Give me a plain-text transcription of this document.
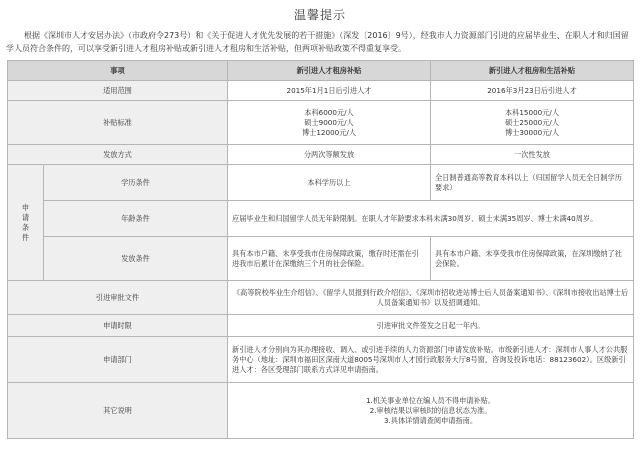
温馨提示
根据《深圳市人才安居办法》（市政府令273号）和《关于促进人才优先发展的若干措施》（深发〔2016〕9号），经我市人力资源部门引进的应届毕业生、在职人才和归国留学人员符合条件的，可以享受新引进人才租房补贴或新引进人才租房和生活补贴，但两项补贴政策不得重复享受。
事项		新引进人才租房补贴	新引进人才租房和生活补贴
适用范围		2015年1月1日后引进人才	2016年3月23日后引进人才
补贴标准		本科6000元/人
硕士9000元/人
博士12000元/人	本科15000元/人
硕士25000元/人
博士30000元/人

发放方式		分两次等额发放	一次性发放
申请条件	学历条件	本科学历以上	全日制普通高等教育本科以上（归国留学人员无全日制学历要求）
	年龄条件	应届毕业生和归国留学人员无年龄限制。在职人才年龄要求本科未满30周岁、硕士未满35周岁、博士未满40周岁。	
	发放条件	具有本市户籍、未享受我市住房保障政策，缴存时还需在引进我市后累计在深缴纳三个月的社会保险。	具有本市户籍、未享受我市住房保障政策，在深圳缴纳了社会保险。
引进审批文件		《高等院校毕业生介绍信》、《留学人员报到行政介绍信》、《深圳市招收进站博士后人员备案通知书》、《深圳市接收出站博士后人员备案通知书》以及招调通知。	
申请时限		引进审批文件签发之日起一年内。	
申请部门		新引进人才分别向为其办理接收、调入、或引进手续的人力资源部门申请发放补贴。市级新引进人才：深圳市人事人才公共服务中心（地址：深圳市福田区深南大道8005号深圳市人才园行政服务大厅8号窗，咨询及投诉电话：88123602）。区级新引进人才：各区受理部门联系方式详见申请指南。	
其它说明		1.机关事业单位在编人员不得申请补贴。
2.审核结果以审核时的信息状态为准。
3.具体详情请查阅申请指南。	
